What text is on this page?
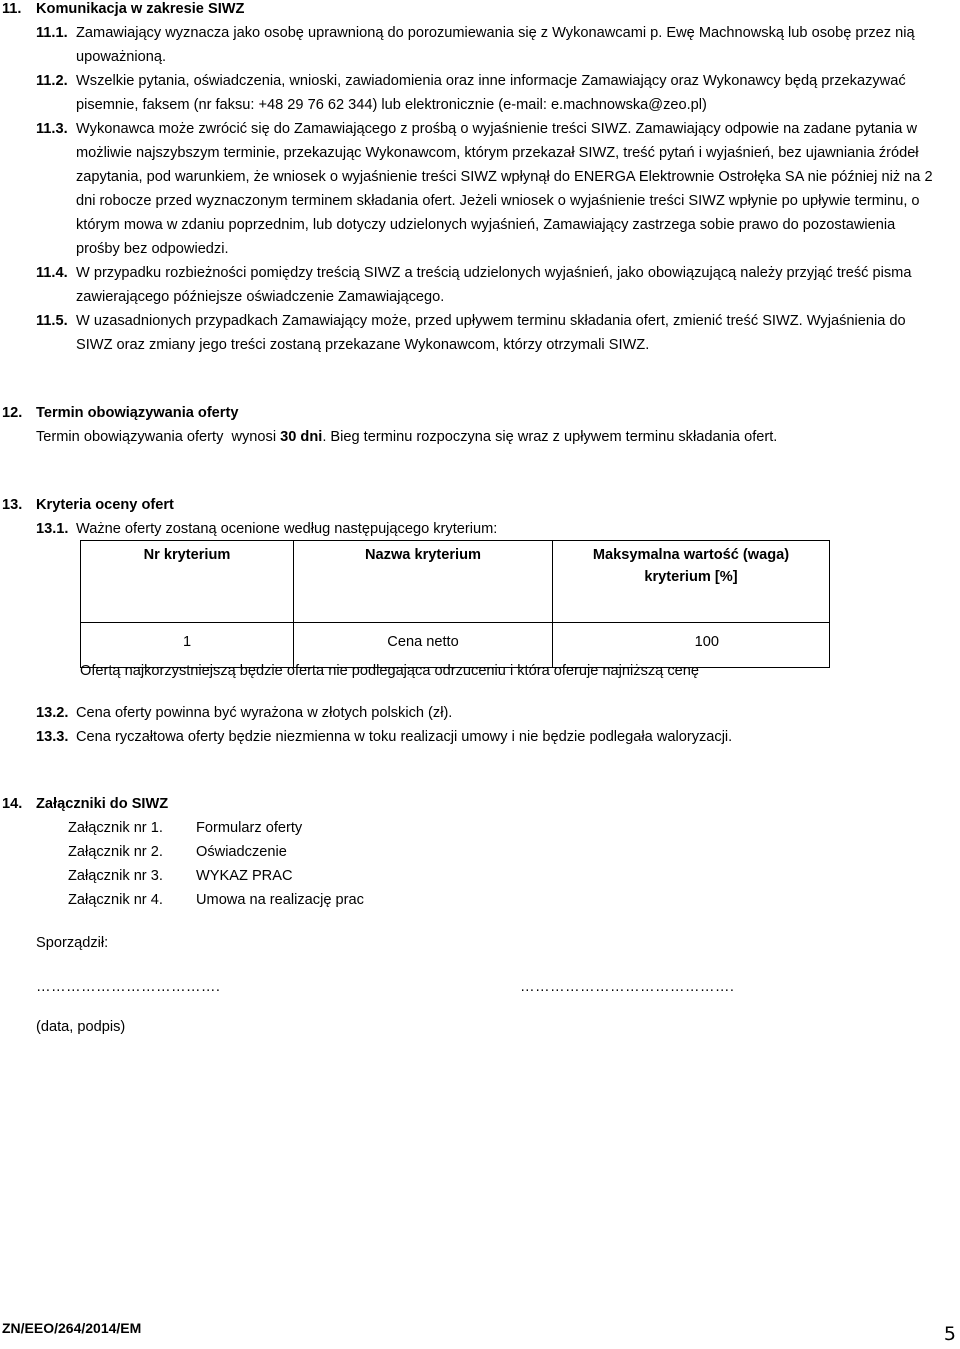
11. Komunikacja w zakresie SIWZ
11.1. Zamawiający wyznacza jako osobę uprawnioną do porozumiewania się z Wykonawcami p. Ewę Machnowską lub osobę przez nią
upoważnioną.
11.2. Wszelkie pytania, oświadczenia, wnioski, zawiadomienia oraz inne informacje Zamawiający oraz Wykonawcy będą przekazywać
pisemnie, faksem (nr faksu: +48 29 76 62 344) lub elektronicznie (e-mail: e.machnowska@zeo.pl)
11.3. Wykonawca może zwrócić się do Zamawiającego z prośbą o wyjaśnienie treści SIWZ. Zamawiający odpowie na zadane pytania w
możliwie najszybszym terminie, przekazując Wykonawcom, którym przekazał SIWZ, treść pytań i wyjaśnień, bez ujawniania źródeł
zapytania, pod warunkiem, że wniosek o wyjaśnienie treści SIWZ wpłynął do ENERGA Elektrownie Ostrołęka SA nie później niż na 2
dni robocze przed wyznaczonym terminem składania ofert. Jeżeli wniosek o wyjaśnienie treści SIWZ wpłynie po upływie terminu, o
którym mowa w zdaniu poprzednim, lub dotyczy udzielonych wyjaśnień, Zamawiający zastrzega sobie prawo do pozostawienia
prośby bez odpowiedzi.
11.4. W przypadku rozbieżności pomiędzy treścią SIWZ a treścią udzielonych wyjaśnień, jako obowiązującą należy przyjąć treść pisma
zawierającego późniejsze oświadczenie Zamawiającego.
11.5. W uzasadnionych przypadkach Zamawiający może, przed upływem terminu składania ofert, zmienić treść SIWZ. Wyjaśnienia do
SIWZ oraz zmiany jego treści zostaną przekazane Wykonawcom, którzy otrzymali SIWZ.
12. Termin obowiązywania oferty
Termin obowiązywania oferty  wynosi 30 dni. Bieg terminu rozpoczyna się wraz z upływem terminu składania ofert.
13. Kryteria oceny ofert
13.1. Ważne oferty zostaną ocenione według następującego kryterium:
Nr kryterium	Nazwa kryterium	Maksymalna wartość (waga) kryterium [%]
1	Cena netto	100
Ofertą najkorzystniejszą będzie oferta nie podlegająca odrzuceniu i która oferuje najniższą cenę
13.2. Cena oferty powinna być wyrażona w złotych polskich (zł).
13.3. Cena ryczałtowa oferty będzie niezmienna w toku realizacji umowy i nie będzie podlegała waloryzacji.
14. Załączniki do SIWZ
Załącznik nr 1. Formularz oferty
Załącznik nr 2. Oświadczenie
Załącznik nr 3. WYKAZ PRAC
Załącznik nr 4. Umowa na realizację prac
Sporządził:
……………………………….	…………………………………….
(data, podpis)
ZN/EEO/264/2014/EM	5
